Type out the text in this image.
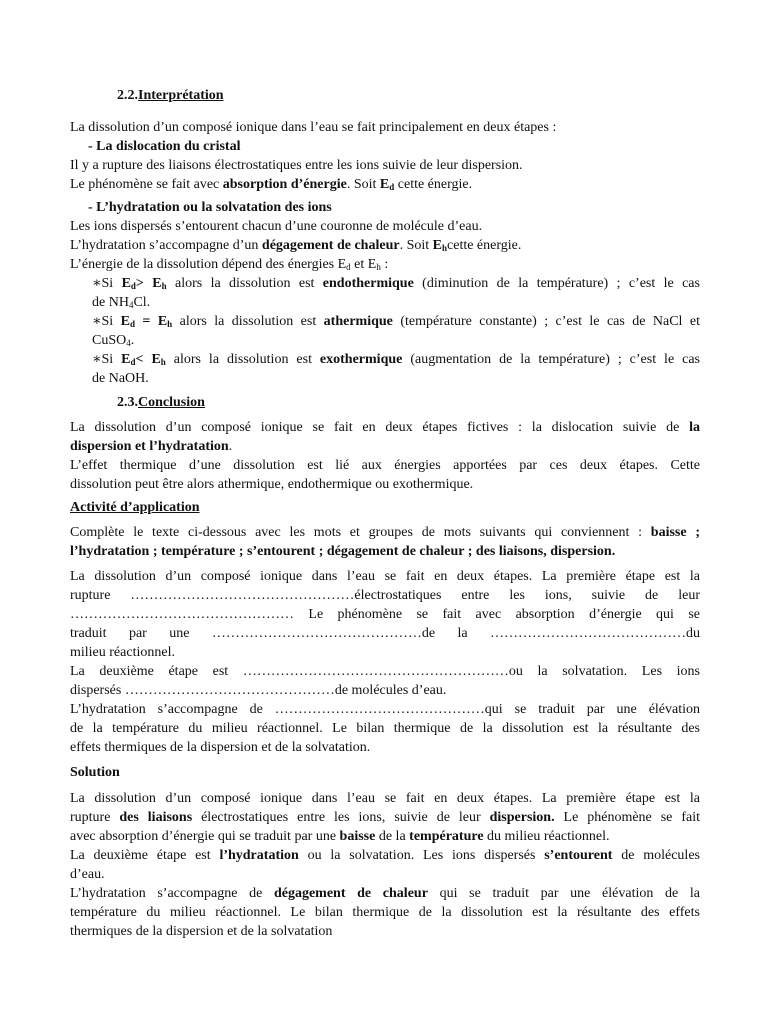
2.2.Interprétation
La dissolution d’un composé ionique dans l’eau se fait principalement en deux étapes :
- La dislocation du cristal
Il y a rupture des liaisons électrostatiques entre les ions suivie de leur dispersion.
Le phénomène se fait avec absorption d’énergie. Soit $E_d$ cette énergie.
- L’hydratation ou la solvatation des ions
Les ions dispersés s’entourent chacun d’une couronne de molécule d’eau.
L’hydratation s’accompagne d’un dégagement de chaleur. Soit $E_hcette$ énergie.
L’énergie de la dissolution dépend des énergies $E_d$ et $E_h$ :
∗Si $E_d> E_h$ alors la dissolution est endothermique (diminution de la température) ; c’est le cas
de $NH_4Cl$.
∗Si $E_d = E_h$ alors la dissolution est athermique (température constante) ; c’est le cas de NaCl et
CuSO$_4$.
∗Si $E_d< E_h$ alors la dissolution est exothermique (augmentation de la température) ; c’est le cas
de NaOH.
2.3.Conclusion
La dissolution d’un composé ionique se fait en deux étapes fictives : la dislocation suivie de la
dispersion et l’hydratation.
L’effet thermique d’une dissolution est lié aux énergies apportées par ces deux étapes. Cette
dissolution peut être alors athermique, endothermique ou exothermique.
Activité d’application
Complète le texte ci-dessous avec les mots et groupes de mots suivants qui conviennent : baisse ;
l’hydratation ; température ; s’entourent ; dégagement de chaleur ; des liaisons, dispersion.
La dissolution d’un composé ionique dans l’eau se fait en deux étapes. La première étape est la
rupture …………………………………………électrostatiques entre les ions, suivie de leur
………………………………………… Le phénomène se fait avec absorption d’énergie qui se
traduit par une ………………………………………de la ……………………………………du
milieu réactionnel.
La deuxième étape est …………………………………………………ou la solvatation. Les ions
dispersés ………………………………………de molécules d’eau.
L’hydratation s’accompagne de ………………………………………qui se traduit par une élévation
de la température du milieu réactionnel. Le bilan thermique de la dissolution est la résultante des
effets thermiques de la dispersion et de la solvatation.
Solution
La dissolution d’un composé ionique dans l’eau se fait en deux étapes. La première étape est la
rupture des liaisons électrostatiques entre les ions, suivie de leur dispersion. Le phénomène se fait
avec absorption d’énergie qui se traduit par une baisse de la température du milieu réactionnel.
La deuxième étape est l’hydratation ou la solvatation. Les ions dispersés s’entourent de molécules
d’eau.
L’hydratation s’accompagne de dégagement de chaleur qui se traduit par une élévation de la
température du milieu réactionnel. Le bilan thermique de la dissolution est la résultante des effets
thermiques de la dispersion et de la solvatation
